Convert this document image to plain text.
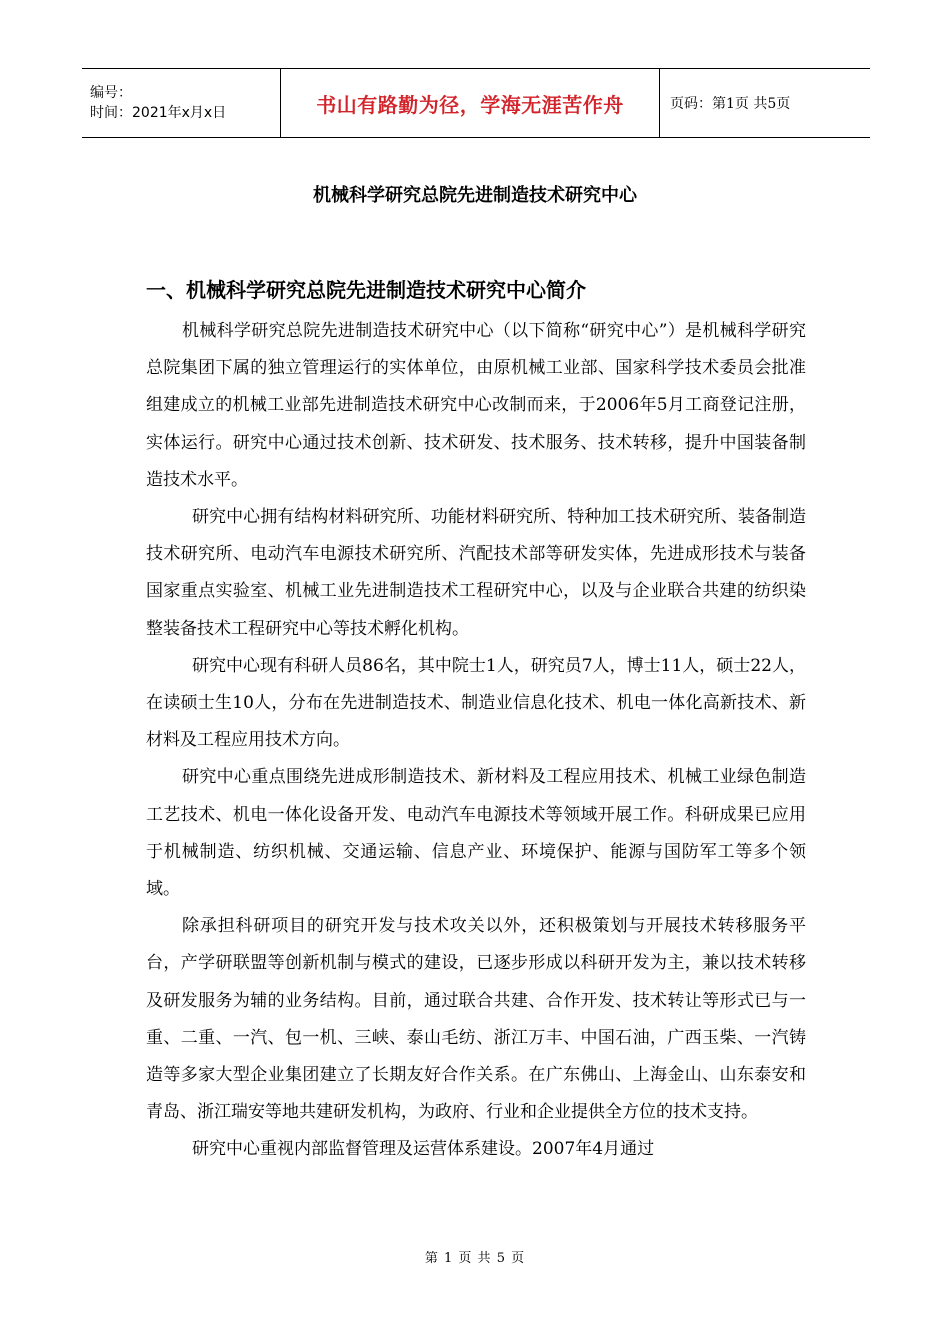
编号：
时间：2021年x月x日	书山有路勤为径，学海无涯苦作舟	页码：第1页 共5页
机械科学研究总院先进制造技术研究中心
一、机械科学研究总院先进制造技术研究中心简介

机械科学研究总院先进制造技术研究中心（以下简称“研究中心”）是机械科学研究总院集团下属的独立管理运行的实体单位，由原机械工业部、国家科学技术委员会批准组建成立的机械工业部先进制造技术研究中心改制而来，于2006年5月工商登记注册，实体运行。研究中心通过技术创新、技术研发、技术服务、技术转移，提升中国装备制造技术水平。

研究中心拥有结构材料研究所、功能材料研究所、特种加工技术研究所、装备制造技术研究所、电动汽车电源技术研究所、汽配技术部等研发实体，先进成形技术与装备国家重点实验室、机械工业先进制造技术工程研究中心，以及与企业联合共建的纺织染整装备技术工程研究中心等技术孵化机构。

研究中心现有科研人员86名，其中院士1人，研究员7人，博士11人，硕士22人，在读硕士生10人，分布在先进制造技术、制造业信息化技术、机电一体化高新技术、新材料及工程应用技术方向。

研究中心重点围绕先进成形制造技术、新材料及工程应用技术、机械工业绿色制造工艺技术、机电一体化设备开发、电动汽车电源技术等领域开展工作。科研成果已应用于机械制造、纺织机械、交通运输、信息产业、环境保护、能源与国防军工等多个领域。

除承担科研项目的研究开发与技术攻关以外，还积极策划与开展技术转移服务平台，产学研联盟等创新机制与模式的建设，已逐步形成以科研开发为主，兼以技术转移及研发服务为辅的业务结构。目前，通过联合共建、合作开发、技术转让等形式已与一重、二重、一汽、包一机、三峡、泰山毛纺、浙江万丰、中国石油，广西玉柴、一汽铸造等多家大型企业集团建立了长期友好合作关系。在广东佛山、上海金山、山东泰安和青岛、浙江瑞安等地共建研发机构，为政府、行业和企业提供全方位的技术支持。

研究中心重视内部监督管理及运营体系建设。2007年4月通过

第 1 页 共 5 页
